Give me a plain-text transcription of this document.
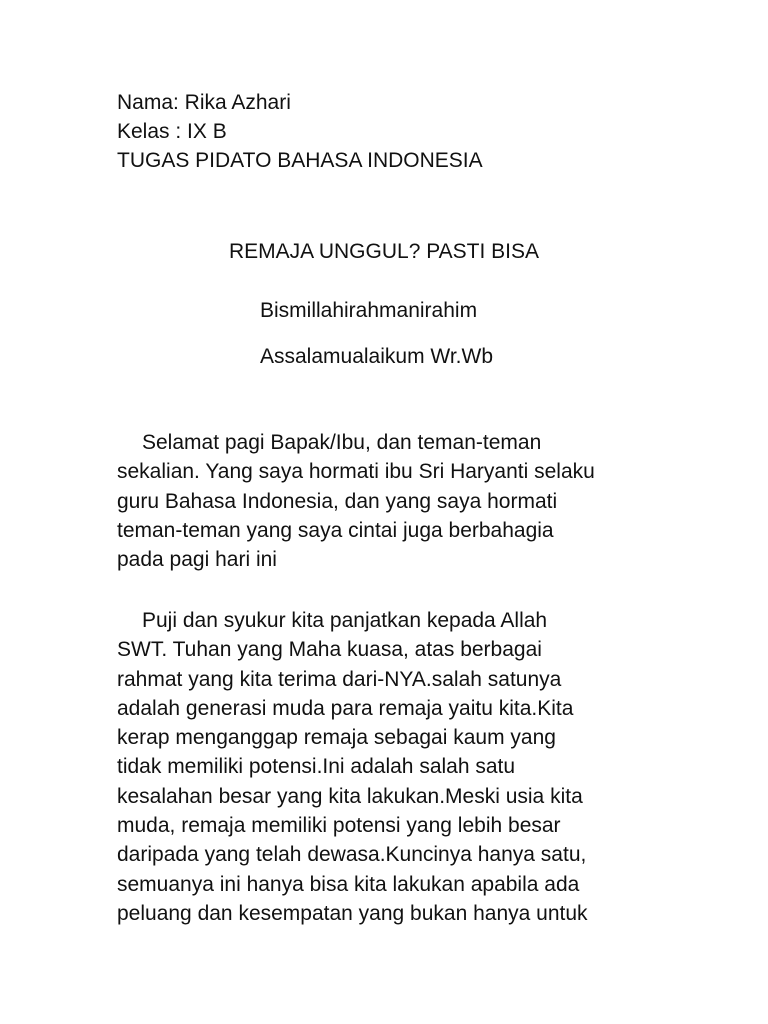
Nama: Rika Azhari
Kelas : IX B
TUGAS PIDATO BAHASA INDONESIA
REMAJA UNGGUL? PASTI BISA
Bismillahirahmanirahim
Assalamualaikum Wr.Wb
Selamat pagi Bapak/Ibu, dan teman-teman
sekalian. Yang saya hormati ibu Sri Haryanti selaku
guru Bahasa Indonesia, dan yang saya hormati
teman-teman yang saya cintai juga berbahagia
pada pagi hari ini
Puji dan syukur kita panjatkan kepada Allah
SWT. Tuhan yang Maha kuasa, atas berbagai
rahmat yang kita terima dari-NYA.salah satunya
adalah generasi muda para remaja yaitu kita.Kita
kerap menganggap remaja sebagai kaum yang
tidak memiliki potensi.Ini adalah salah satu
kesalahan besar yang kita lakukan.Meski usia kita
muda, remaja memiliki potensi yang lebih besar
daripada yang telah dewasa.Kuncinya hanya satu,
semuanya ini hanya bisa kita lakukan apabila ada
peluang dan kesempatan yang bukan hanya untuk
